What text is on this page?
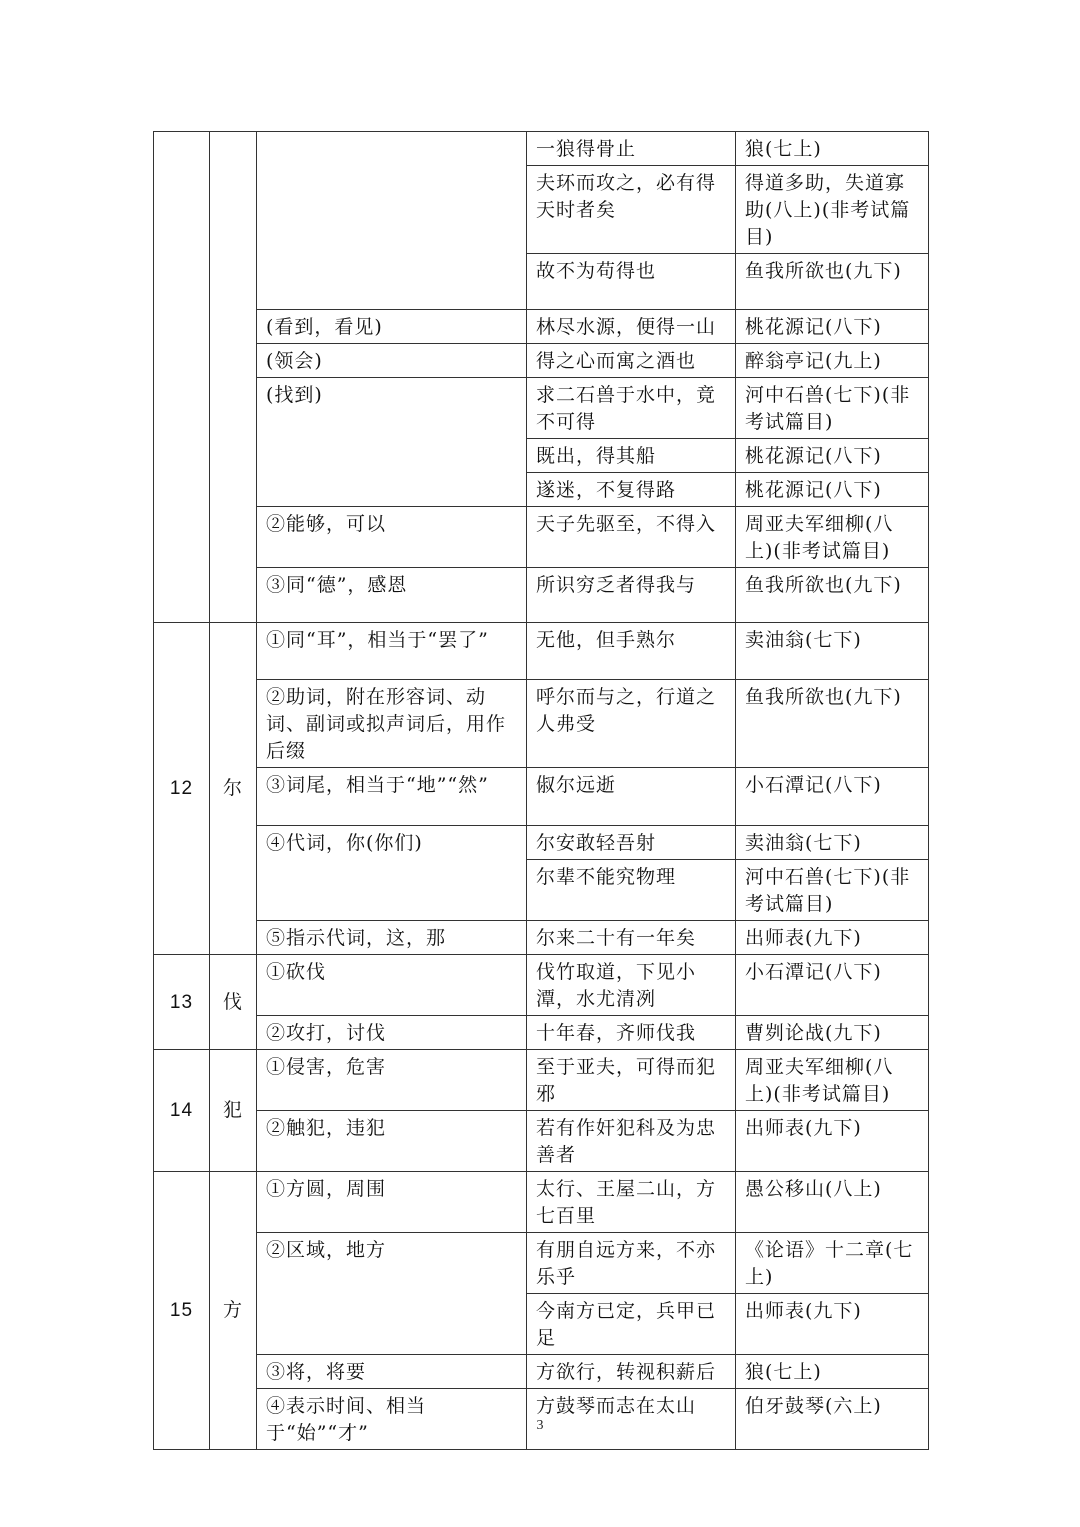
			一狼得骨止	狼(七上)
			夫环而攻之，必有得天时者矣	得道多助，失道寡助(八上)(非考试篇目)
			故不为苟得也	鱼我所欲也(九下)
		(看到，看见)	林尽水源，便得一山	桃花源记(八下)
		(领会)	得之心而寓之酒也	醉翁亭记(九上)
		(找到)	求二石兽于水中，竟不可得	河中石兽(七下)(非考试篇目)
			既出，得其船	桃花源记(八下)
			遂迷，不复得路	桃花源记(八下)
		②能够，可以	天子先驱至，不得入	周亚夫军细柳(八上)(非考试篇目)
		③同“德”，感恩	所识穷乏者得我与	鱼我所欲也(九下)
12	尔	①同“耳”，相当于“罢了”	无他，但手熟尔	卖油翁(七下)
		②助词，附在形容词、动词、副词或拟声词后，用作后缀	呼尔而与之，行道之人弗受	鱼我所欲也(九下)
		③词尾，相当于“地”“然”	俶尔远逝	小石潭记(八下)
		④代词，你(你们)	尔安敢轻吾射	卖油翁(七下)
			尔辈不能究物理	河中石兽(七下)(非考试篇目)
		⑤指示代词，这，那	尔来二十有一年矣	出师表(九下)
13	伐	①砍伐	伐竹取道，下见小潭，水尤清冽	小石潭记(八下)
		②攻打，讨伐	十年春，齐师伐我	曹刿论战(九下)
14	犯	①侵害，危害	至于亚夫，可得而犯邪	周亚夫军细柳(八上)(非考试篇目)
		②触犯，违犯	若有作奸犯科及为忠善者	出师表(九下)
15	方	①方圆，周围	太行、王屋二山，方七百里	愚公移山(八上)
		②区域，地方	有朋自远方来，不亦乐乎	《论语》十二章(七上)
			今南方已定，兵甲已足	出师表(九下)
		③将，将要	方欲行，转视积薪后	狼(七上)
		④表示时间、相当于“始”“才”	方鼓琴而志在太山	伯牙鼓琴(六上)
3
